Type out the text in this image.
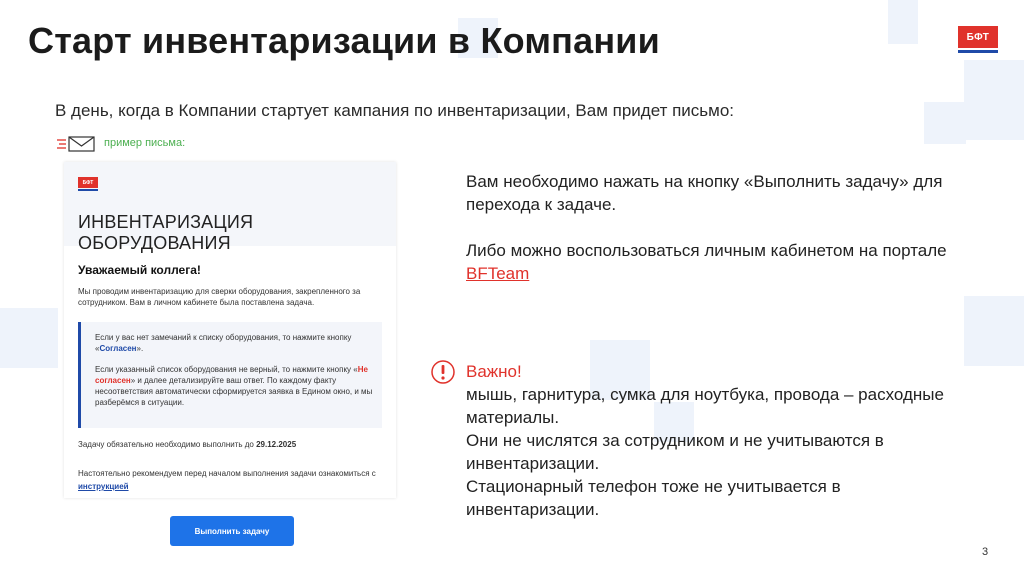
Старт инвентаризации в Компании	БФТ
В день, когда в Компании стартует кампания по инвентаризации, Вам придет письмо:
пример письма:
БФТ
ИНВЕНТАРИЗАЦИЯ ОБОРУДОВАНИЯ
Уважаемый коллега!
Мы проводим инвентаризацию для сверки оборудования, закрепленного за сотрудником. Вам в личном кабинете была поставлена задача.
Если у вас нет замечаний к списку оборудования, то нажмите кнопку «Согласен».
Если указанный список оборудования не верный, то нажмите кнопку «Не согласен» и далее детализируйте ваш ответ. По каждому факту несоответствия автоматически сформируется заявка в Едином окно, и мы разберёмся в ситуации.
Задачу обязательно необходимо выполнить до 29.12.2025
Настоятельно рекомендуем перед началом выполнения задачи ознакомиться с инструкцией
Выполнить задачу
Вам необходимо нажать на кнопку «Выполнить задачу» для перехода к задаче.
Либо можно воспользоваться личным кабинетом на портале BFTeam
Важно!
мышь, гарнитура, сумка для ноутбука, провода – расходные материалы.
Они не числятся за сотрудником и не учитываются в инвентаризации.
Стационарный телефон тоже не учитывается в инвентаризации.
3
